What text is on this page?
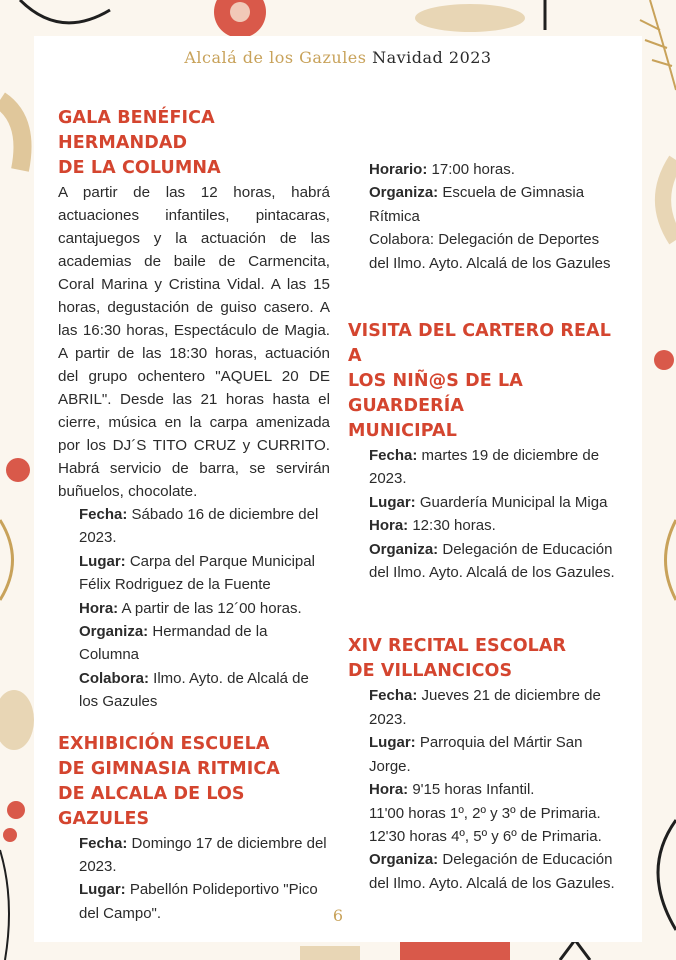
Alcalá de los Gazules Navidad 2023
GALA BENÉFICA HERMANDAD
DE LA COLUMNA

A partir de las 12 horas, habrá actuaciones infantiles, pintacaras, cantajuegos y la actuación de las academias de baile de Carmencita, Coral Marina y Cristina Vidal. A las 15 horas, degustación de guiso casero. A las 16:30 horas, Espectáculo de Magia. A partir de las 18:30 horas, actuación del grupo ochentero "AQUEL 20 DE ABRIL". Desde las 21 horas hasta el cierre, música en la carpa amenizada por los DJ´S TITO CRUZ y CURRITO. Habrá servicio de barra, se servirán buñuelos, chocolate.

Fecha: Sábado 16 de diciembre del 2023.

Lugar: Carpa del Parque Municipal Félix Rodriguez de la Fuente

Hora: A partir de las 12´00 horas.

Organiza: Hermandad de la Columna

Colabora: Ilmo. Ayto. de Alcalá de los Gazules

EXHIBICIÓN ESCUELA
DE GIMNASIA RITMICA
DE ALCALA DE LOS GAZULES

Fecha: Domingo 17 de diciembre del 2023.

Lugar: Pabellón Polideportivo "Pico del Campo".

Horario: 17:00 horas.

Organiza: Escuela de Gimnasia Rítmica

Colabora: Delegación de Deportes del Ilmo. Ayto. Alcalá de los Gazules

VISITA DEL CARTERO REAL A
LOS NIÑ@S DE LA GUARDERÍA
MUNICIPAL

Fecha: martes 19 de diciembre de 2023.

Lugar: Guardería Municipal la Miga

Hora: 12:30 horas.

Organiza: Delegación de Educación del Ilmo. Ayto. Alcalá de los Gazules.

XIV RECITAL ESCOLAR
DE VILLANCICOS

Fecha: Jueves 21 de diciembre de 2023.

Lugar: Parroquia del Mártir San Jorge.

Hora: 9'15 horas Infantil.

11'00 horas 1º, 2º y 3º de Primaria.

12'30 horas 4º, 5º y 6º de Primaria.

Organiza: Delegación de Educación del Ilmo. Ayto. Alcalá de los Gazules.

6
